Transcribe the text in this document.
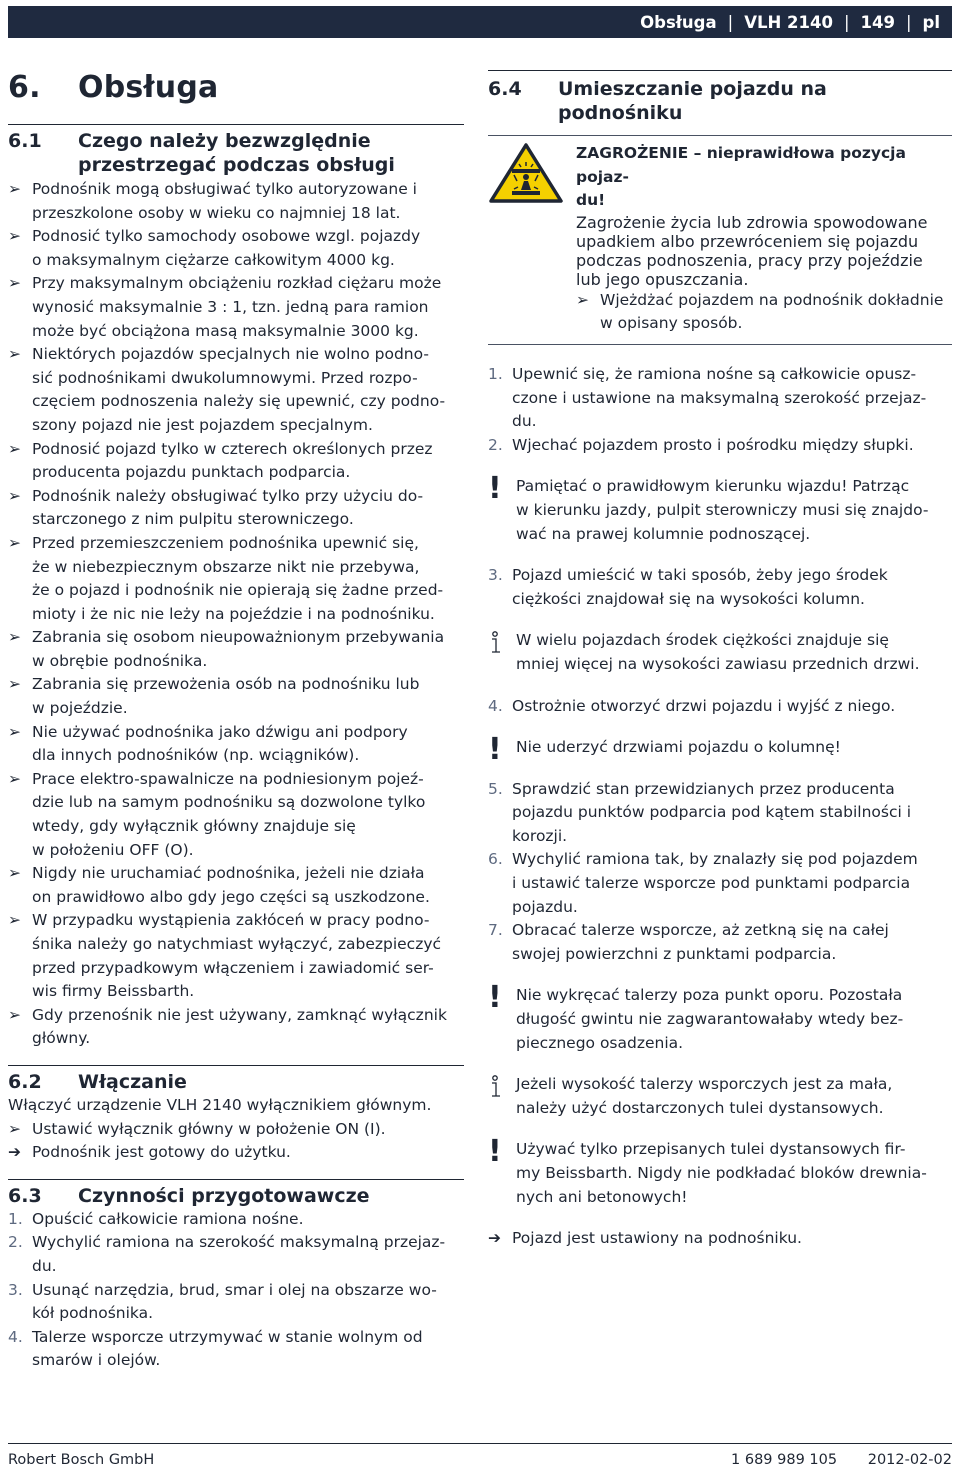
Obsługa | VLH 2140 | 149 | pl
6. Obsługa
6.1	Czego należy bezwzględnie
przestrzegać podczas obsługi
➢ Podnośnik mogą obsługiwać tylko autoryzowane i
przeszkolone osoby w wieku co najmniej 18 lat.
➢ Podnosić tylko samochody osobowe wzgl. pojazdy
o maksymalnym ciężarze całkowitym 4000 kg.
➢ Przy maksymalnym obciążeniu rozkład ciężaru może
wynosić maksymalnie 3 : 1, tzn. jedną para ramion
może być obciążona masą maksymalnie 3000 kg.
➢ Niektórych pojazdów specjalnych nie wolno podno-
sić podnośnikami dwukolumnowymi. Przed rozpo-
częciem podnoszenia należy się upewnić, czy podno-
szony pojazd nie jest pojazdem specjalnym.
➢ Podnosić pojazd tylko w czterech określonych przez
producenta pojazdu punktach podparcia.
➢ Podnośnik należy obsługiwać tylko przy użyciu do-
starczonego z nim pulpitu sterowniczego.
➢ Przed przemieszczeniem podnośnika upewnić się,
że w niebezpiecznym obszarze nikt nie przebywa,
że o pojazd i podnośnik nie opierają się żadne przed-
mioty i że nic nie leży na pojeździe i na podnośniku.
➢ Zabrania się osobom nieupoważnionym przebywania
w obrębie podnośnika.
➢ Zabrania się przewożenia osób na podnośniku lub
w pojeździe.
➢ Nie używać podnośnika jako dźwigu ani podpory
dla innych podnośników (np. wciągników).
➢ Prace elektro-spawalnicze na podniesionym pojeź-
dzie lub na samym podnośniku są dozwolone tylko
wtedy, gdy wyłącznik główny znajduje się
w położeniu OFF (O).
➢ Nigdy nie uruchamiać podnośnika, jeżeli nie działa
on prawidłowo albo gdy jego części są uszkodzone.
➢ W przypadku wystąpienia zakłóceń w pracy podno-
śnika należy go natychmiast wyłączyć, zabezpieczyć
przed przypadkowym włączeniem i zawiadomić ser-
wis firmy Beissbarth.
➢ Gdy przenośnik nie jest używany, zamknąć wyłącznik
główny.
6.2	Włączanie
Włączyć urządzenie VLH 2140 wyłącznikiem głównym.
➢ Ustawić wyłącznik główny w położenie ON (I).
➔ Podnośnik jest gotowy do użytku.
6.3	Czynności przygotowawcze
1. Opuścić całkowicie ramiona nośne.
2. Wychylić ramiona na szerokość maksymalną przejaz-
du.
3. Usunąć narzędzia, brud, smar i olej na obszarze wo-
kół podnośnika.
4. Talerze wsporcze utrzymywać w stanie wolnym od
smarów i olejów.
6.4	Umieszczanie pojazdu na podnośniku
ZAGROŻENIE – nieprawidłowa pozycja pojaz-
du!
Zagrożenie życia lub zdrowia spowodowane
upadkiem albo przewróceniem się pojazdu
podczas podnoszenia, pracy przy pojeździe
lub jego opuszczania.
➢ Wjeżdżać pojazdem na podnośnik dokładnie
w opisany sposób.
1. Upewnić się, że ramiona nośne są całkowicie opusz-
czone i ustawione na maksymalną szerokość przejaz-
du.
2. Wjechać pojazdem prosto i pośrodku między słupki.
! Pamiętać o prawidłowym kierunku wjazdu! Patrząc
w kierunku jazdy, pulpit sterowniczy musi się znajdo-
wać na prawej kolumnie podnoszącej.
3. Pojazd umieścić w taki sposób, żeby jego środek
ciężkości znajdował się na wysokości kolumn.
W wielu pojazdach środek ciężkości znajduje się
mniej więcej na wysokości zawiasu przednich drzwi.
4. Ostrożnie otworzyć drzwi pojazdu i wyjść z niego.
! Nie uderzyć drzwiami pojazdu o kolumnę!
5. Sprawdzić stan przewidzianych przez producenta
pojazdu punktów podparcia pod kątem stabilności i
korozji.
6. Wychylić ramiona tak, by znalazły się pod pojazdem
i ustawić talerze wsporcze pod punktami podparcia
pojazdu.
7. Obracać talerze wsporcze, aż zetkną się na całej
swojej powierzchni z punktami podparcia.
! Nie wykręcać talerzy poza punkt oporu. Pozostała
długość gwintu nie zagwarantowałaby wtedy bez-
piecznego osadzenia.
Jeżeli wysokość talerzy wsporczych jest za mała,
należy użyć dostarczonych tulei dystansowych.
! Używać tylko przepisanych tulei dystansowych fir-
my Beissbarth. Nigdy nie podkładać bloków drewnia-
nych ani betonowych!
➔ Pojazd jest ustawiony na podnośniku.
Robert Bosch GmbH	1 689 989 105 2012-02-02
